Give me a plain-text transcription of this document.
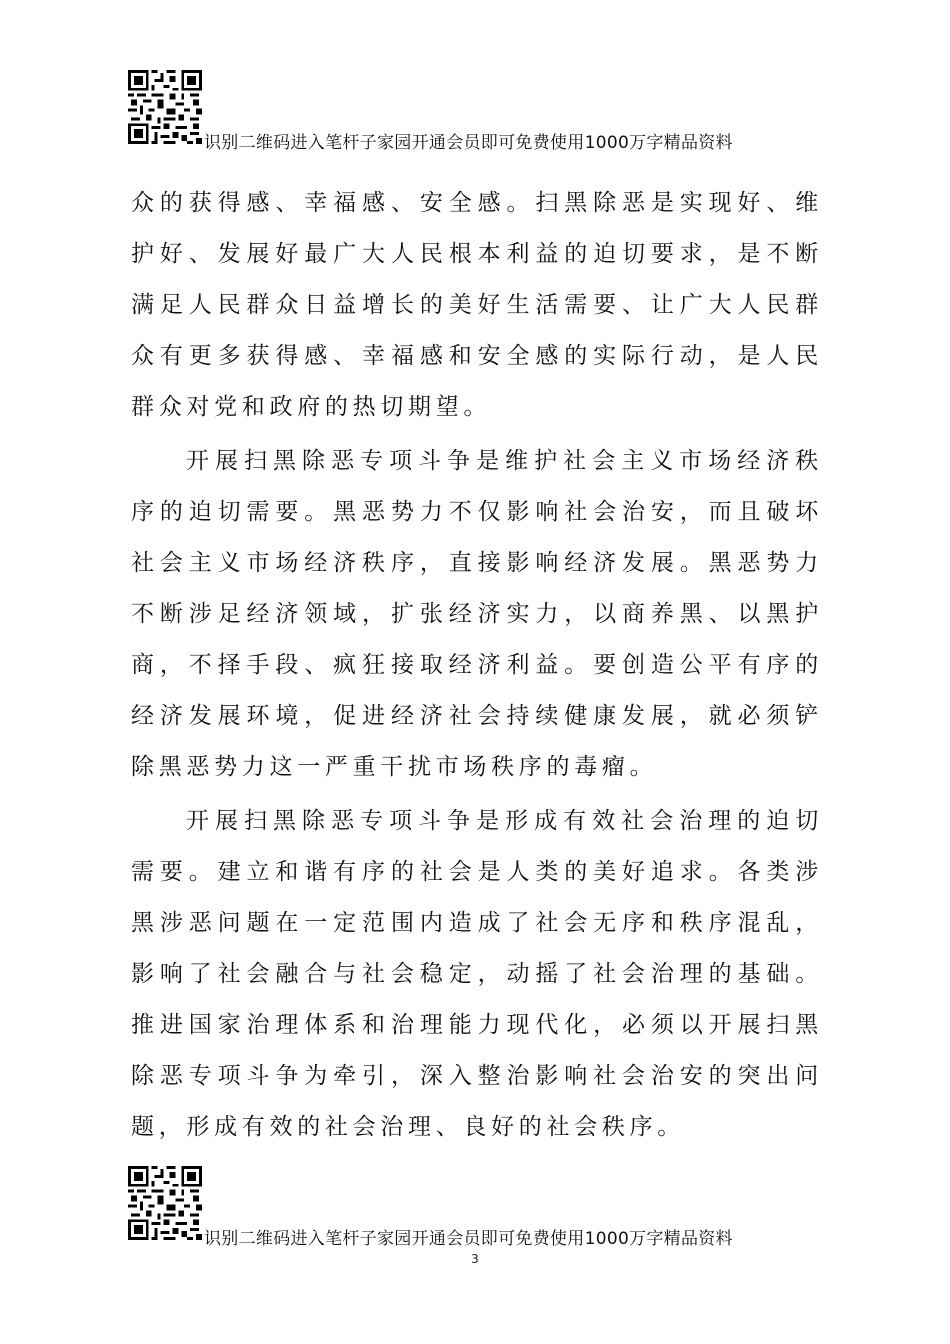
识别二维码进入笔杆子家园开通会员即可免费使用1000万字精品资料

众的获得感、幸福感、安全感。扫黑除恶是实现好、维护好、发展好最广大人民根本利益的迫切要求，是不断满足人民群众日益增长的美好生活需要、让广大人民群众有更多获得感、幸福感和安全感的实际行动，是人民群众对党和政府的热切期望。

开展扫黑除恶专项斗争是维护社会主义市场经济秩序的迫切需要。黑恶势力不仅影响社会治安，而且破坏社会主义市场经济秩序，直接影响经济发展。黑恶势力不断涉足经济领域，扩张经济实力，以商养黑、以黑护商，不择手段、疯狂接取经济利益。要创造公平有序的经济发展环境，促进经济社会持续健康发展，就必须铲除黑恶势力这一严重干扰市场秩序的毒瘤。

开展扫黑除恶专项斗争是形成有效社会治理的迫切需要。建立和谐有序的社会是人类的美好追求。各类涉黑涉恶问题在一定范围内造成了社会无序和秩序混乱，影响了社会融合与社会稳定，动摇了社会治理的基础。推进国家治理体系和治理能力现代化，必须以开展扫黑除恶专项斗争为牵引，深入整治影响社会治安的突出问题，形成有效的社会治理、良好的社会秩序。

识别二维码进入笔杆子家园开通会员即可免费使用1000万字精品资料
3
